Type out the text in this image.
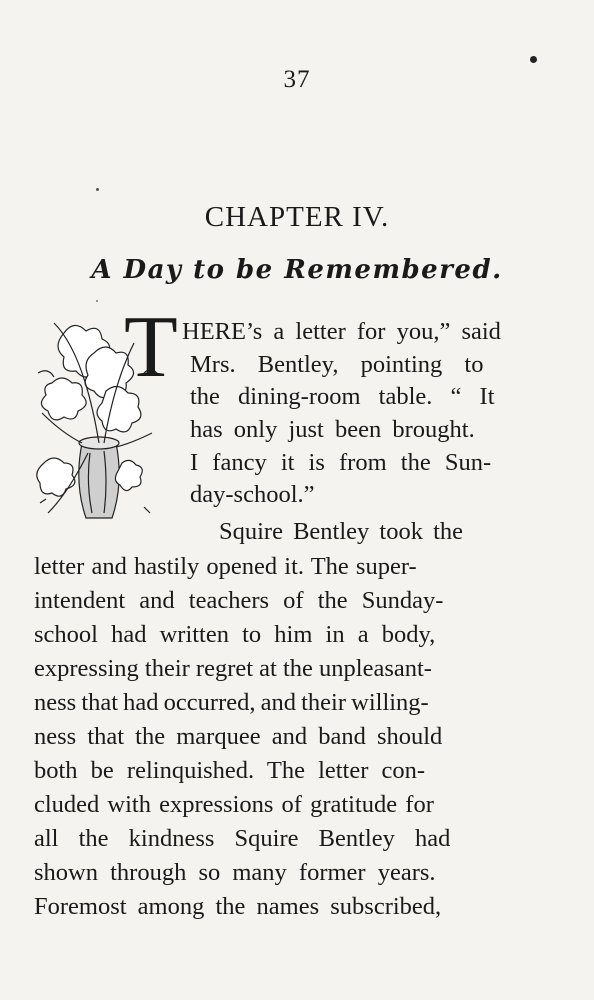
37
CHAPTER IV.
A Day to be Remembered.
T HERE’s a letter for you,” said

Mrs. Bentley, pointing to

the dining-room table. “ It

has only just been brought.

I fancy it is from the Sun-

day-school.”

Squire Bentley took the

letter and hastily opened it. The super-

intendent and teachers of the Sunday-

school had written to him in a body,

expressing their regret at the unpleasant-

ness that had occurred, and their willing-

ness that the marquee and band should

both be relinquished. The letter con-

cluded with expressions of gratitude for

all the kindness Squire Bentley had

shown through so many former years.

Foremost among the names subscribed,
